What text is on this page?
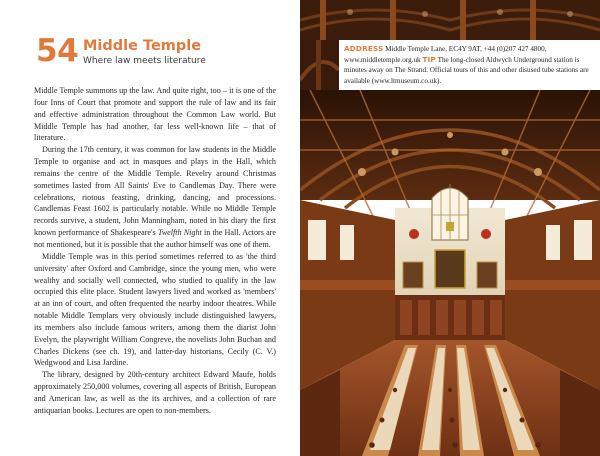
54 Middle Temple
Where law meets literature

Middle Temple summons up the law. And quite right, too – it is one of the four Inns of Court that promote and support the rule of law and its fair and effective administration throughout the Common Law world. But Middle Temple has had another, far less well-known life – that of literature.

During the 17th century, it was common for law students in the Middle Temple to organise and act in masques and plays in the Hall, which remains the centre of the Middle Temple. Revelry around Christmas sometimes lasted from All Saints' Eve to Candlemas Day. There were celebrations, riotous feasting, drinking, dancing, and processions. Candlemas Feast 1602 is particularly notable. While no Middle Temple records survive, a student, John Manningham, noted in his diary the first known performance of Shakespeare's Twelfth Night in the Hall. Actors are not mentioned, but it is possible that the author himself was one of them.

Middle Temple was in this period sometimes referred to as 'the third university' after Oxford and Cambridge, since the young men, who were wealthy and socially well connected, who studied to qualify in the law occupied this elite place. Student lawyers lived and worked as 'members' at an inn of court, and often frequented the nearby indoor theatres. While notable Middle Templars very obviously include distinguished lawyers, its members also include famous writers, among them the diarist John Evelyn, the playwright William Congreve, the novelists John Buchan and Charles Dickens (see ch. 19), and latter-day historians, Cecily (C. V.) Wedgwood and Lisa Jardine.

The library, designed by 20th-century architect Edward Maufe, holds approximately 250,000 volumes, covering all aspects of British, European and American law, as well as the its archives, and a collection of rare antiquarian books. Lectures are open to non-members.

ADDRESS Middle Temple Lane, EC4Y 9AT, +44 (0)207 427 4800, www.middletemple.org.uk TIP The long-closed Aldwych Underground station is minutes away on The Strand. Official tours of this and other disused tube stations are available (www.ltmuseum.co.uk).
